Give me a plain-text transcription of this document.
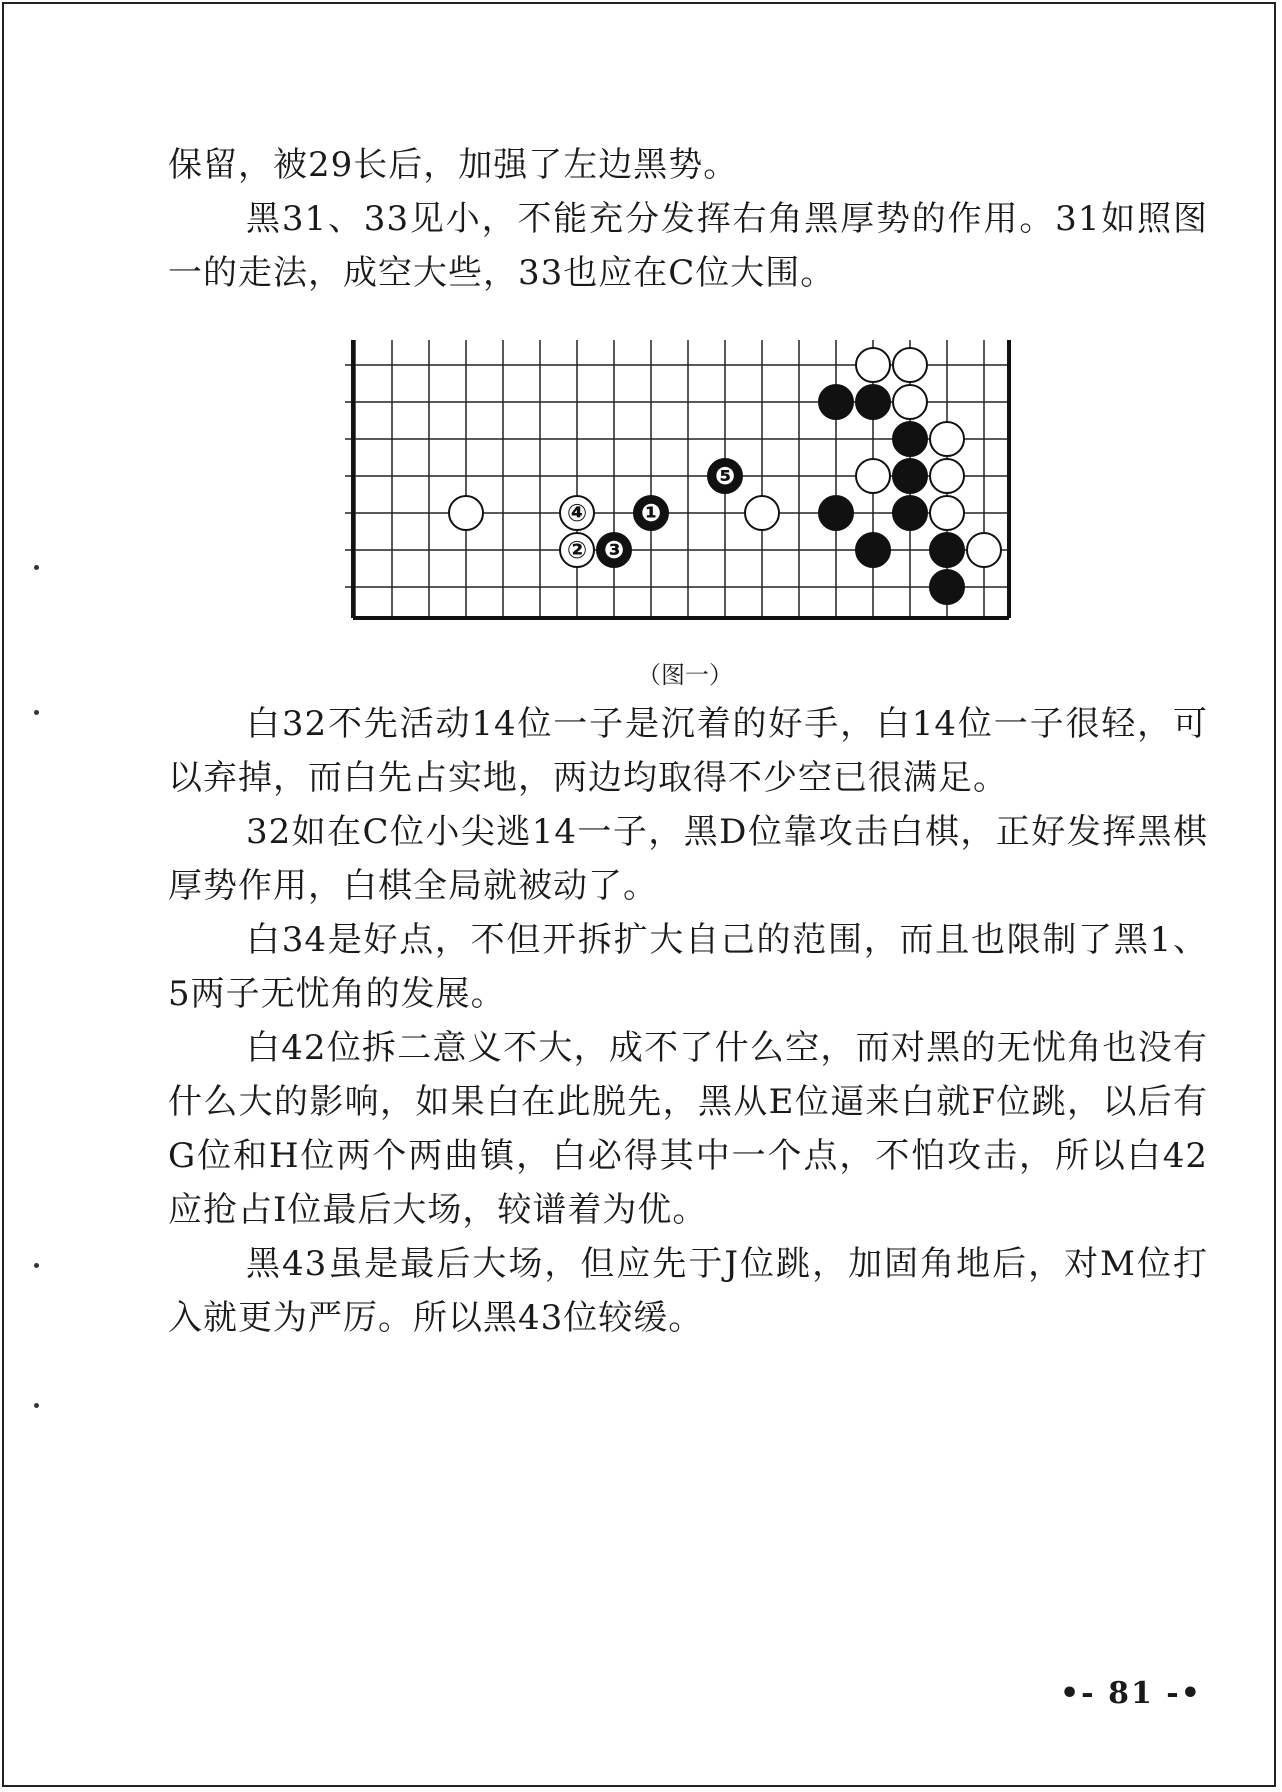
保留，被29长后，加强了左边黑势。

黑31、33见小，不能充分发挥右角黑厚势的作用。31如照图一的走法，成空大些，33也应在C位大围。

④
② ❸
❶
❺
（图一）

白32不先活动14位一子是沉着的好手，白14位一子很轻，可以弃掉，而白先占实地，两边均取得不少空已很满足。

32如在C位小尖逃14一子，黑D位靠攻击白棋，正好发挥黑棋厚势作用，白棋全局就被动了。

白34是好点，不但开拆扩大自己的范围，而且也限制了黑1、5两子无忧角的发展。

白42位拆二意义不大，成不了什么空，而对黑的无忧角也没有什么大的影响，如果白在此脱先，黑从E位逼来白就F位跳，以后有G位和H位两个两曲镇，白必得其中一个点，不怕攻击，所以白42应抢占Ⅰ位最后大场，较谱着为优。

黑43虽是最后大场，但应先于J位跳，加固角地后，对M位打入就更为严厉。所以黑43位较缓。

•- 81 -•
